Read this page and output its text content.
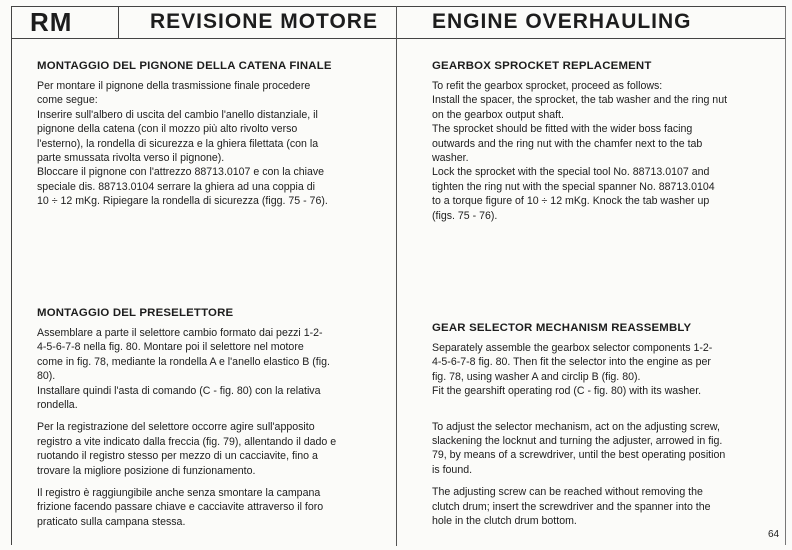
RM	REVISIONE MOTORE	ENGINE OVERHAULING
MONTAGGIO DEL PIGNONE DELLA CATENA FINALE

Per montare il pignone della trasmissione finale procedere
come segue:

Inserire sull'albero di uscita del cambio l'anello distanziale, il
pignone della catena (con il mozzo più alto rivolto verso
l'esterno), la rondella di sicurezza e la ghiera filettata (con la
parte smussata rivolta verso il pignone).

Bloccare il pignone con l'attrezzo 88713.0107 e con la chiave
speciale dis. 88713.0104 serrare la ghiera ad una coppia di
10 ÷ 12 mKg. Ripiegare la rondella di sicurezza (figg. 75 - 76).

MONTAGGIO DEL PRESELETTORE

Assemblare a parte il selettore cambio formato dai pezzi 1-2-
4-5-6-7-8 nella fig. 80. Montare poi il selettore nel motore
come in fig. 78, mediante la rondella A e l'anello elastico B (fig.
80).

Installare quindi l'asta di comando (C - fig. 80) con la relativa
rondella.

Per la registrazione del selettore occorre agire sull'apposito
registro a vite indicato dalla freccia (fig. 79), allentando il dado e
ruotando il registro stesso per mezzo di un cacciavite, fino a
trovare la migliore posizione di funzionamento.

Il registro è raggiungibile anche senza smontare la campana
frizione facendo passare chiave e cacciavite attraverso il foro
praticato sulla campana stessa.

GEARBOX SPROCKET REPLACEMENT

To refit the gearbox sprocket, proceed as follows:

Install the spacer, the sprocket, the tab washer and the ring nut
on the gearbox output shaft.

The sprocket should be fitted with the wider boss facing
outwards and the ring nut with the chamfer next to the tab
washer.

Lock the sprocket with the special tool No. 88713.0107 and
tighten the ring nut with the special spanner No. 88713.0104
to a torque figure of 10 ÷ 12 mKg. Knock the tab washer up
(figs. 75 - 76).

GEAR SELECTOR MECHANISM REASSEMBLY

Separately assemble the gearbox selector components 1-2-
4-5-6-7-8 fig. 80. Then fit the selector into the engine as per
fig. 78, using washer A and circlip B (fig. 80).
Fit the gearshift operating rod (C - fig. 80) with its washer.

To adjust the selector mechanism, act on the adjusting screw,
slackening the locknut and turning the adjuster, arrowed in fig.
79, by means of a screwdriver, until the best operating position
is found.

The adjusting screw can be reached without removing the
clutch drum; insert the screwdriver and the spanner into the
hole in the clutch drum bottom.

64
